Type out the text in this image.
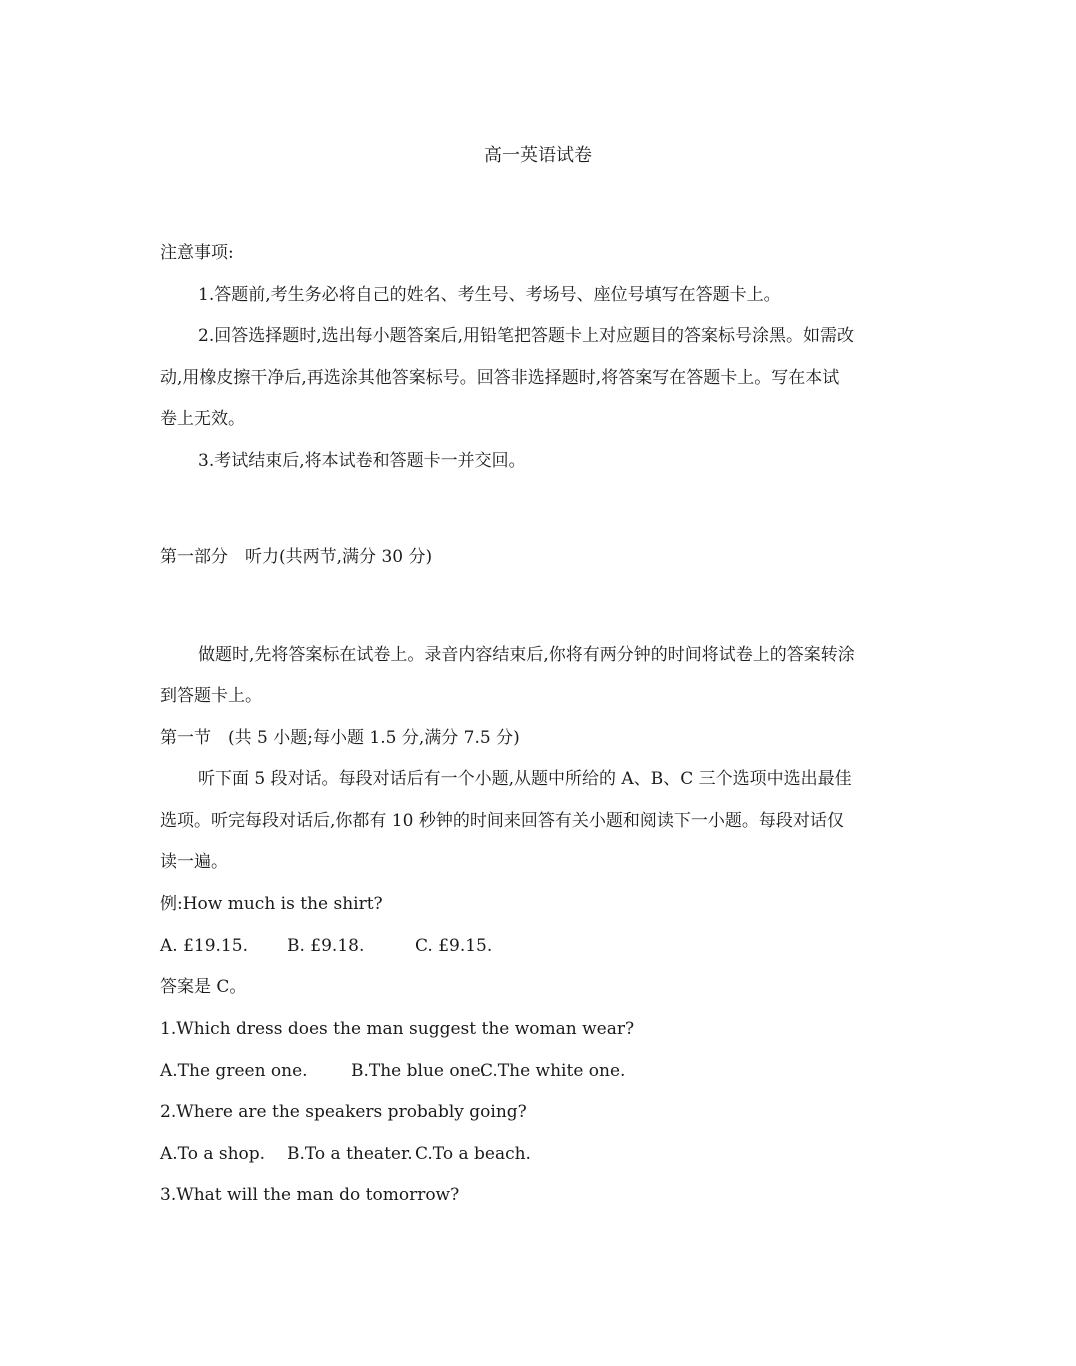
高一英语试卷
注意事项:
1.答题前,考生务必将自己的姓名、考生号、考场号、座位号填写在答题卡上。
2.回答选择题时,选出每小题答案后,用铅笔把答题卡上对应题目的答案标号涂黑。如需改
动,用橡皮擦干净后,再选涂其他答案标号。回答非选择题时,将答案写在答题卡上。写在本试
卷上无效。
3.考试结束后,将本试卷和答题卡一并交回。
第一部分　听力(共两节,满分 30 分)
做题时,先将答案标在试卷上。录音内容结束后,你将有两分钟的时间将试卷上的答案转涂
到答题卡上。
第一节　(共 5 小题;每小题 1.5 分,满分 7.5 分)
听下面 5 段对话。每段对话后有一个小题,从题中所给的 A、B、C 三个选项中选出最佳
选项。听完每段对话后,你都有 10 秒钟的时间来回答有关小题和阅读下一小题。每段对话仅
读一遍。
例:How much is the shirt?
A. £19.15. B. £9.18.	C. £9.15.
答案是 C。
1.Which dress does the man suggest the woman wear?
A.The green one.	B.The blue one.
C.The white one.
2.Where are the speakers probably going?
A.To a shop. B.To a theater. C.To a beach.
3.What will the man do tomorrow?
